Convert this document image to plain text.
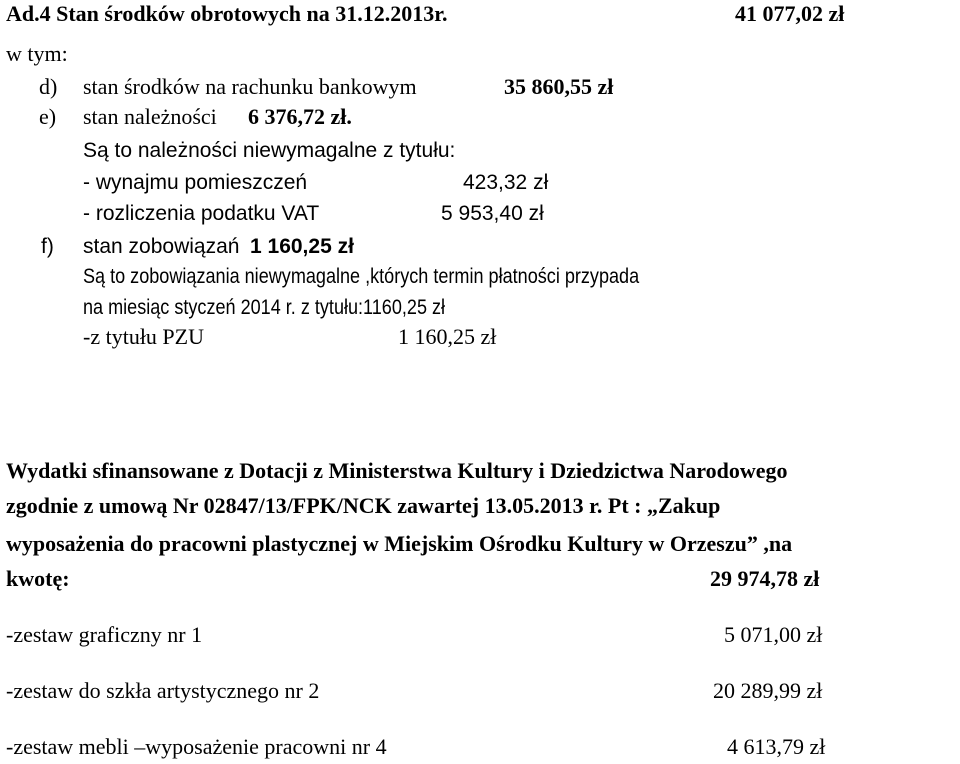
Ad.4 Stan środków obrotowych na 31.12.2013r.	41 077,02 zł
w tym:
d) stan środków na rachunku bankowym	35 860,55 zł
e) stan należności 6 376,72 zł.
Są to należności niewymagalne z tytułu:
- wynajmu pomieszczeń	423,32 zł
- rozliczenia podatku VAT	5 953,40 zł
f) stan zobowiązań 1 160,25 zł
Są to zobowiązania niewymagalne ,których termin płatności przypada
na miesiąc styczeń 2014 r. z tytułu:1160,25 zł
-z tytułu PZU	1 160,25 zł
Wydatki sfinansowane z Dotacji z Ministerstwa Kultury i Dziedzictwa Narodowego
zgodnie z umową Nr 02847/13/FPK/NCK zawartej 13.05.2013 r. Pt : „Zakup
wyposażenia do pracowni plastycznej w Miejskim Ośrodku Kultury w Orzeszu” ,na
kwotę:	29 974,78 zł
-zestaw graficzny nr 1	5 071,00 zł
-zestaw do szkła artystycznego nr 2	20 289,99 zł
-zestaw mebli –wyposażenie pracowni nr 4	4 613,79 zł
